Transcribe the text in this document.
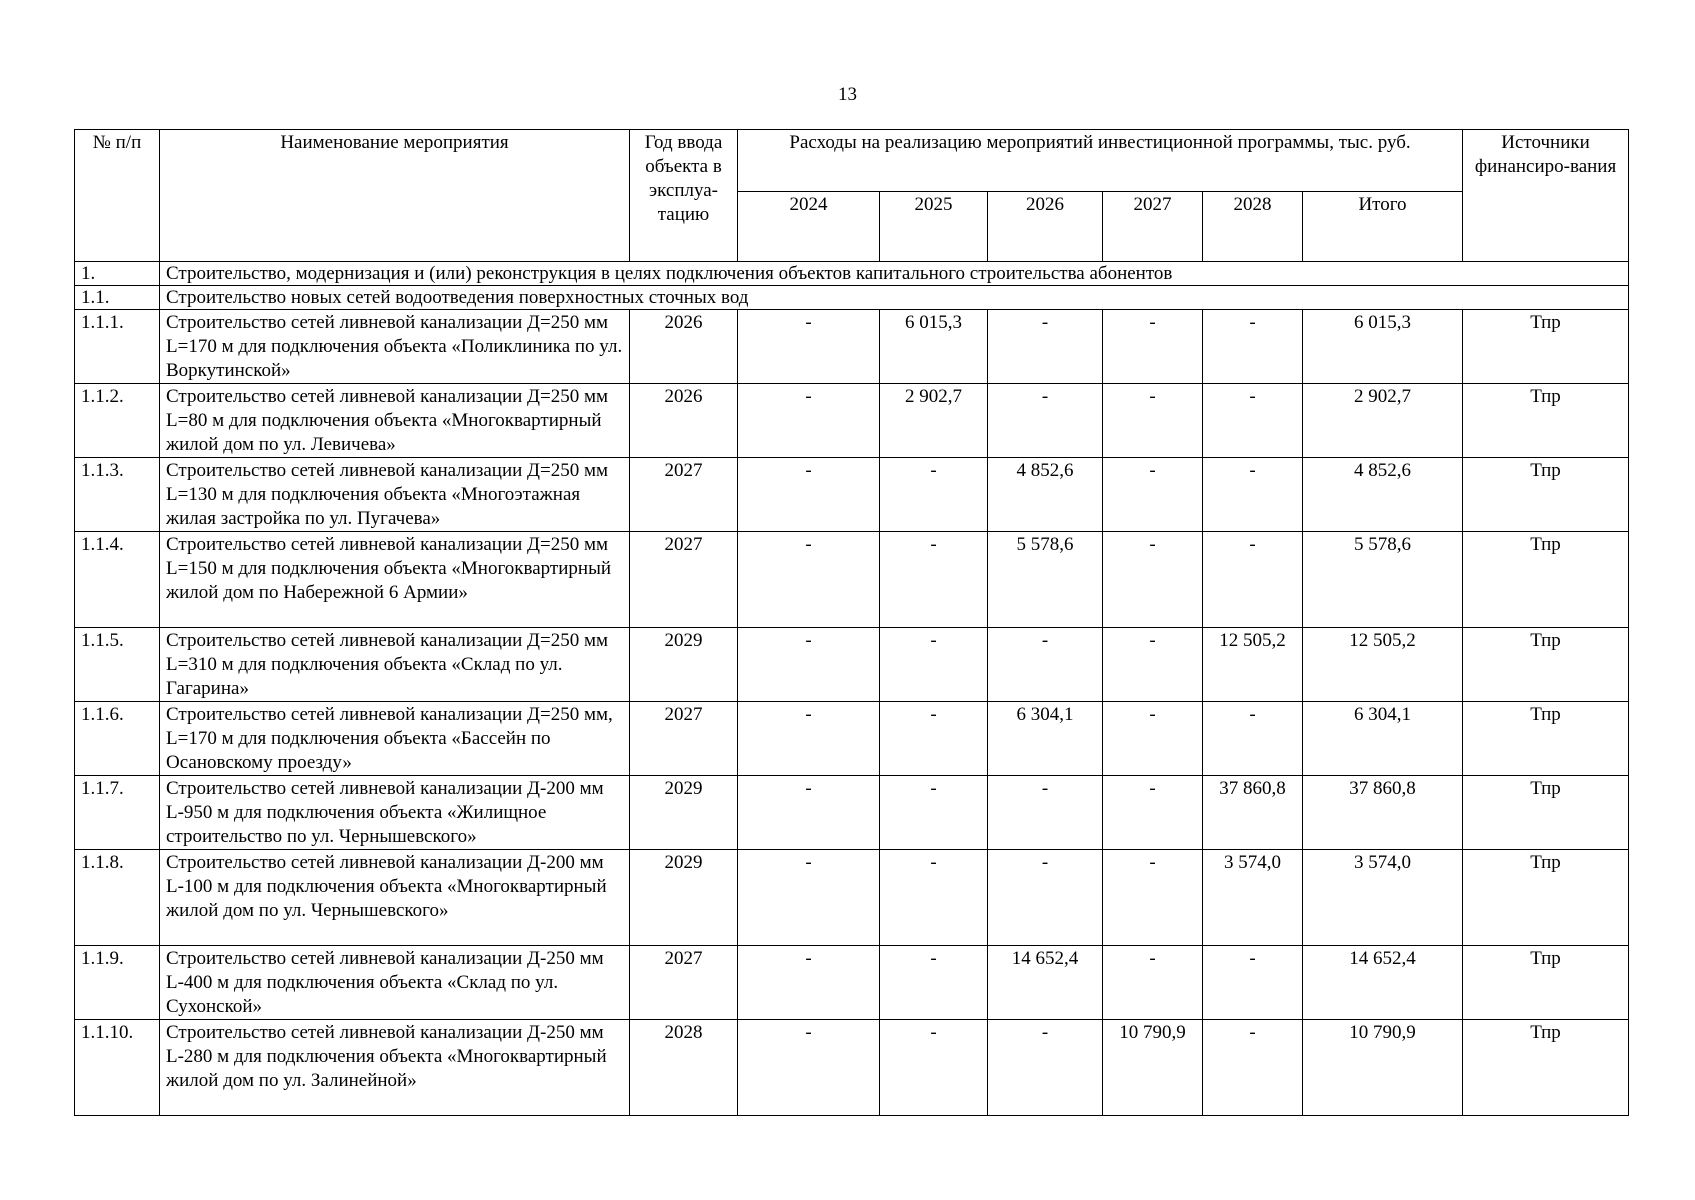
13
№ п/п	Наименование мероприятия	Год ввода объекта в эксплуа-тацию	Расходы на реализацию мероприятий инвестиционной программы, тыс. руб.						Источники финансиро-вания
			2024	2025	2026	2027	2028	Итого	
1.	Строительство, модернизация и (или) реконструкция в целях подключения объектов капитального строительства абонентов								
1.1.	Строительство новых сетей водоотведения поверхностных сточных вод								
1.1.1.	Строительство сетей ливневой канализации Д=250 мм L=170 м для подключения объекта «Поликлиника по ул. Воркутинской»	2026	-	6 015,3	-	-	-	6 015,3	Тпр
1.1.2.	Строительство сетей ливневой канализации Д=250 мм L=80 м для подключения объекта «Многоквартирный жилой дом по ул. Левичева»	2026	-	2 902,7	-	-	-	2 902,7	Тпр
1.1.3.	Строительство сетей ливневой канализации Д=250 мм L=130 м для подключения объекта «Многоэтажная жилая застройка по ул. Пугачева»	2027	-	-	4 852,6	-	-	4 852,6	Тпр
1.1.4.	Строительство сетей ливневой канализации Д=250 мм L=150 м для подключения объекта «Многоквартирный жилой дом по Набережной 6 Армии»	2027	-	-	5 578,6	-	-	5 578,6	Тпр
1.1.5.	Строительство сетей ливневой канализации Д=250 мм L=310 м для подключения объекта «Склад по ул. Гагарина»	2029	-	-	-	-	12 505,2	12 505,2	Тпр
1.1.6.	Строительство сетей ливневой канализации Д=250 мм, L=170 м для подключения объекта «Бассейн по Осановскому проезду»	2027	-	-	6 304,1	-	-	6 304,1	Тпр
1.1.7.	Строительство сетей ливневой канализации Д-200 мм L-950 м для подключения объекта «Жилищное строительство по ул. Чернышевского»	2029	-	-	-	-	37 860,8	37 860,8	Тпр
1.1.8.	Строительство сетей ливневой канализации Д-200 мм L-100 м для подключения объекта «Многоквартирный жилой дом по ул. Чернышевского»	2029	-	-	-	-	3 574,0	3 574,0	Тпр
1.1.9.	Строительство сетей ливневой канализации Д-250 мм L-400 м для подключения объекта «Склад по ул. Сухонской»	2027	-	-	14 652,4	-	-	14 652,4	Тпр
1.1.10.	Строительство сетей ливневой канализации Д-250 мм L-280 м для подключения объекта «Многоквартирный жилой дом по ул. Залинейной»	2028	-	-	-	10 790,9	-	10 790,9	Тпр
